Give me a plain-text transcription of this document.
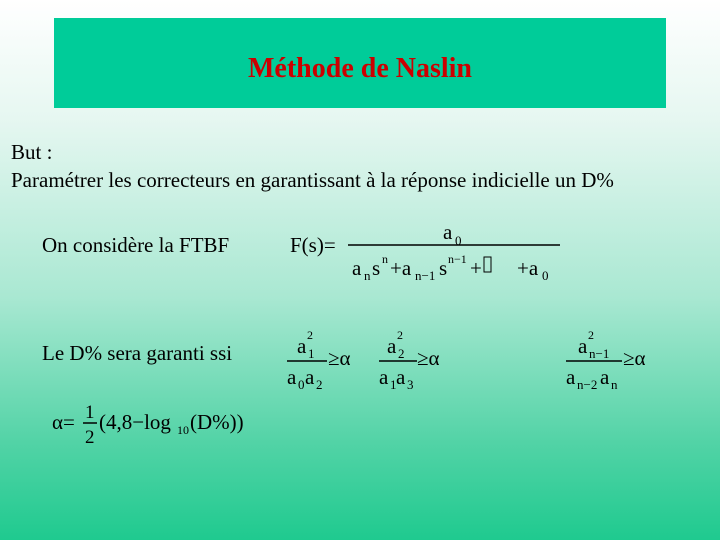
Méthode de Naslin
But :
Paramétrer les correcteurs en garantissant à la réponse indicielle un D%
On considère la FTBF	F(s)=
a 0
a n s n +a n−1 s n−1 + +a 0
Le D% sera garanti ssi	a 2
1
a 0 a 2
≥α a 2
2
a 1 a 3
≥α	a 2
n−1
a n−2 a n
≥α
α= 1
2
(4,8−log 10 (D%))
